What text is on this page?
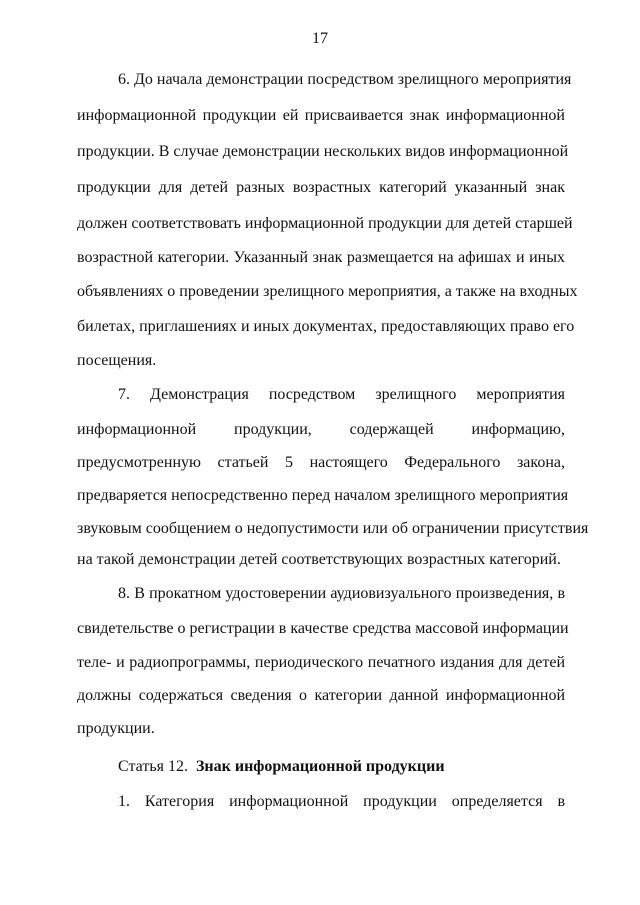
17
6. До начала демонстрации посредством зрелищного мероприятия
информационной продукции ей присваивается знак информационной
продукции. В случае демонстрации нескольких видов информационной
продукции для детей разных возрастных категорий указанный знак
должен соответствовать информационной продукции для детей старшей
возрастной категории. Указанный знак размещается на афишах и иных
объявлениях о проведении зрелищного мероприятия, а также на входных
билетах, приглашениях и иных документах, предоставляющих право его
посещения.
7. Демонстрация посредством зрелищного мероприятия
информационной продукции, содержащей информацию,
предусмотренную статьей 5 настоящего Федерального закона,
предваряется непосредственно перед началом зрелищного мероприятия
звуковым сообщением о недопустимости или об ограничении присутствия
на такой демонстрации детей соответствующих возрастных категорий.
8. В прокатном удостоверении аудиовизуального произведения, в
свидетельстве о регистрации в качестве средства массовой информации
теле- и радиопрограммы, периодического печатного издания для детей
должны содержаться сведения о категории данной информационной
продукции.
Статья 12. Знак информационной продукции
1. Категория информационной продукции определяется в
